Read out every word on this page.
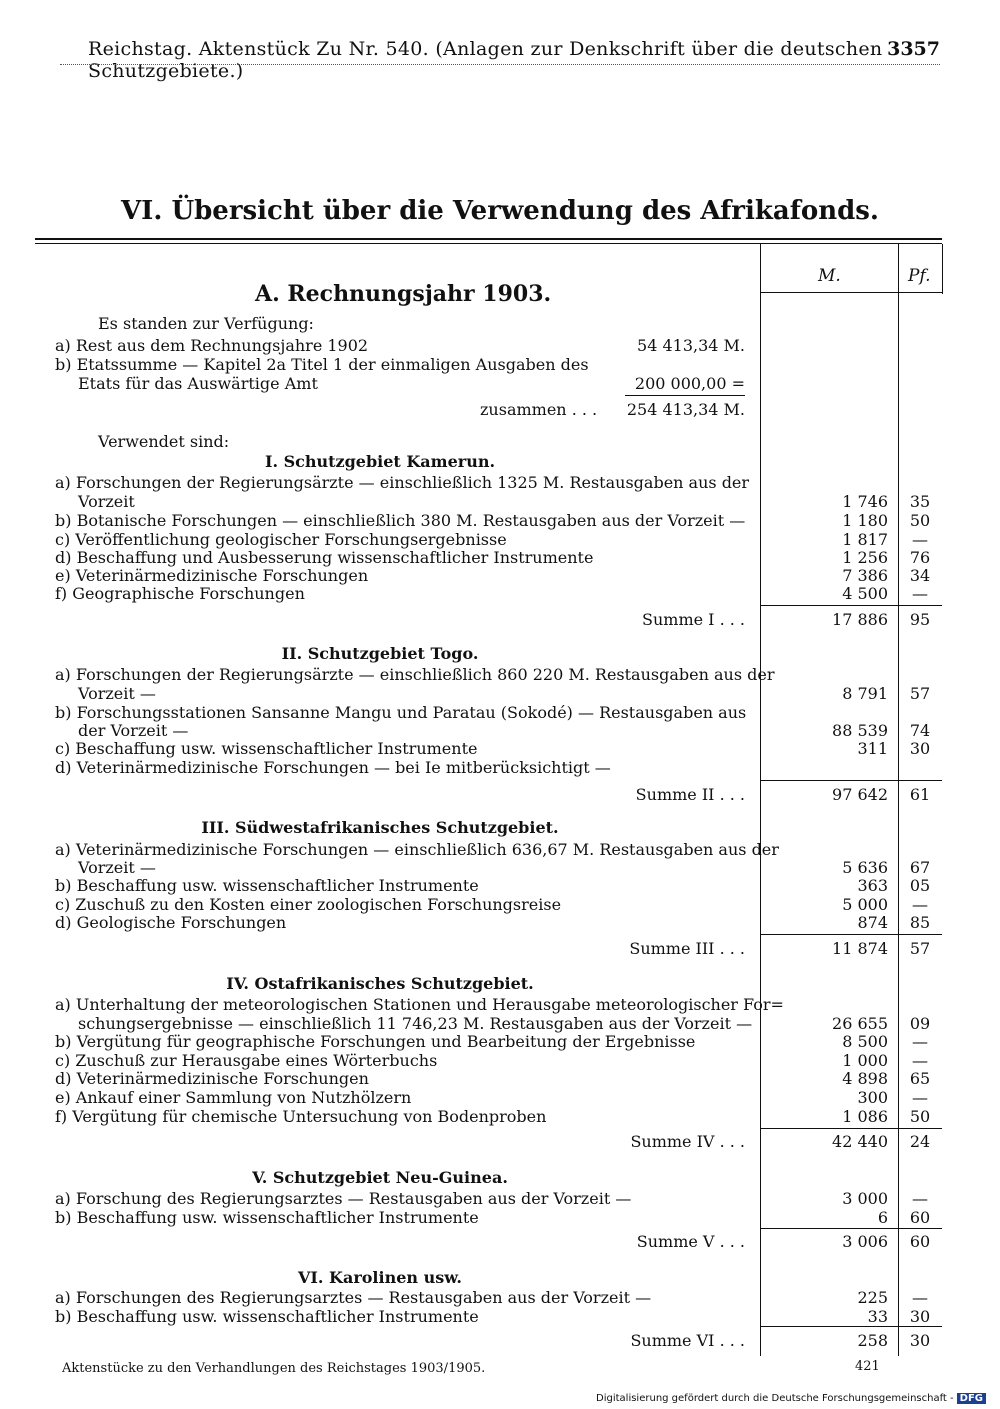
Reichstag. Aktenstück Zu Nr. 540. (Anlagen zur Denkschrift über die deutschen Schutzgebiete.)
3357
VI. Übersicht über die Verwendung des Afrikafonds.
M.	Pf.
A. Rechnungsjahr 1903.
Es standen zur Verfügung:
a) Rest aus dem Rechnungsjahre 1902	54 413,34 M.
b) Etatssumme — Kapitel 2a Titel 1 der einmaligen Ausgaben des
Etats für das Auswärtige Amt	200 000,00 =
zusammen . . .	254 413,34 M.
Verwendet sind:
I. Schutzgebiet Kamerun.
a) Forschungen der Regierungsärzte — einschließlich 1325 M. Restausgaben aus der
Vorzeit	1 746	35
b) Botanische Forschungen — einschließlich 380 M. Restausgaben aus der Vorzeit —	1 180	50
c) Veröffentlichung geologischer Forschungsergebnisse	1 817	—
d) Beschaffung und Ausbesserung wissenschaftlicher Instrumente	1 256	76
e) Veterinärmedizinische Forschungen	7 386	34
f) Geographische Forschungen	4 500	—
Summe I . . .	17 886	95
II. Schutzgebiet Togo.
a) Forschungen der Regierungsärzte — einschließlich 860 220 M. Restausgaben aus der
Vorzeit —	8 791	57
b) Forschungsstationen Sansanne Mangu und Paratau (Sokodé) — Restausgaben aus
der Vorzeit —	88 539	74
c) Beschaffung usw. wissenschaftlicher Instrumente	311	30
d) Veterinärmedizinische Forschungen — bei Ie mitberücksichtigt —
Summe II . . .	97 642	61
III. Südwestafrikanisches Schutzgebiet.
a) Veterinärmedizinische Forschungen — einschließlich 636,67 M. Restausgaben aus der
Vorzeit —	5 636	67
b) Beschaffung usw. wissenschaftlicher Instrumente	363	05
c) Zuschuß zu den Kosten einer zoologischen Forschungsreise	5 000	—
d) Geologische Forschungen	874	85
Summe III . . .	11 874	57
IV. Ostafrikanisches Schutzgebiet.
a) Unterhaltung der meteorologischen Stationen und Herausgabe meteorologischer For=
schungsergebnisse — einschließlich 11 746,23 M. Restausgaben aus der Vorzeit —	26 655	09
b) Vergütung für geographische Forschungen und Bearbeitung der Ergebnisse	8 500	—
c) Zuschuß zur Herausgabe eines Wörterbuchs	1 000	—
d) Veterinärmedizinische Forschungen	4 898	65
e) Ankauf einer Sammlung von Nutzhölzern	300	—
f) Vergütung für chemische Untersuchung von Bodenproben	1 086	50
Summe IV . . .	42 440	24
V. Schutzgebiet Neu-Guinea.
a) Forschung des Regierungsarztes — Restausgaben aus der Vorzeit —	3 000	—
b) Beschaffung usw. wissenschaftlicher Instrumente	6	60
Summe V . . .	3 006	60
VI. Karolinen usw.
a) Forschungen des Regierungsarztes — Restausgaben aus der Vorzeit —	225	—
b) Beschaffung usw. wissenschaftlicher Instrumente	33	30
Summe VI . . .	258	30
Aktenstücke zu den Verhandlungen des Reichstages 1903/1905.	421
Digitalisierung gefördert durch die Deutsche Forschungsgemeinschaft - DFG
